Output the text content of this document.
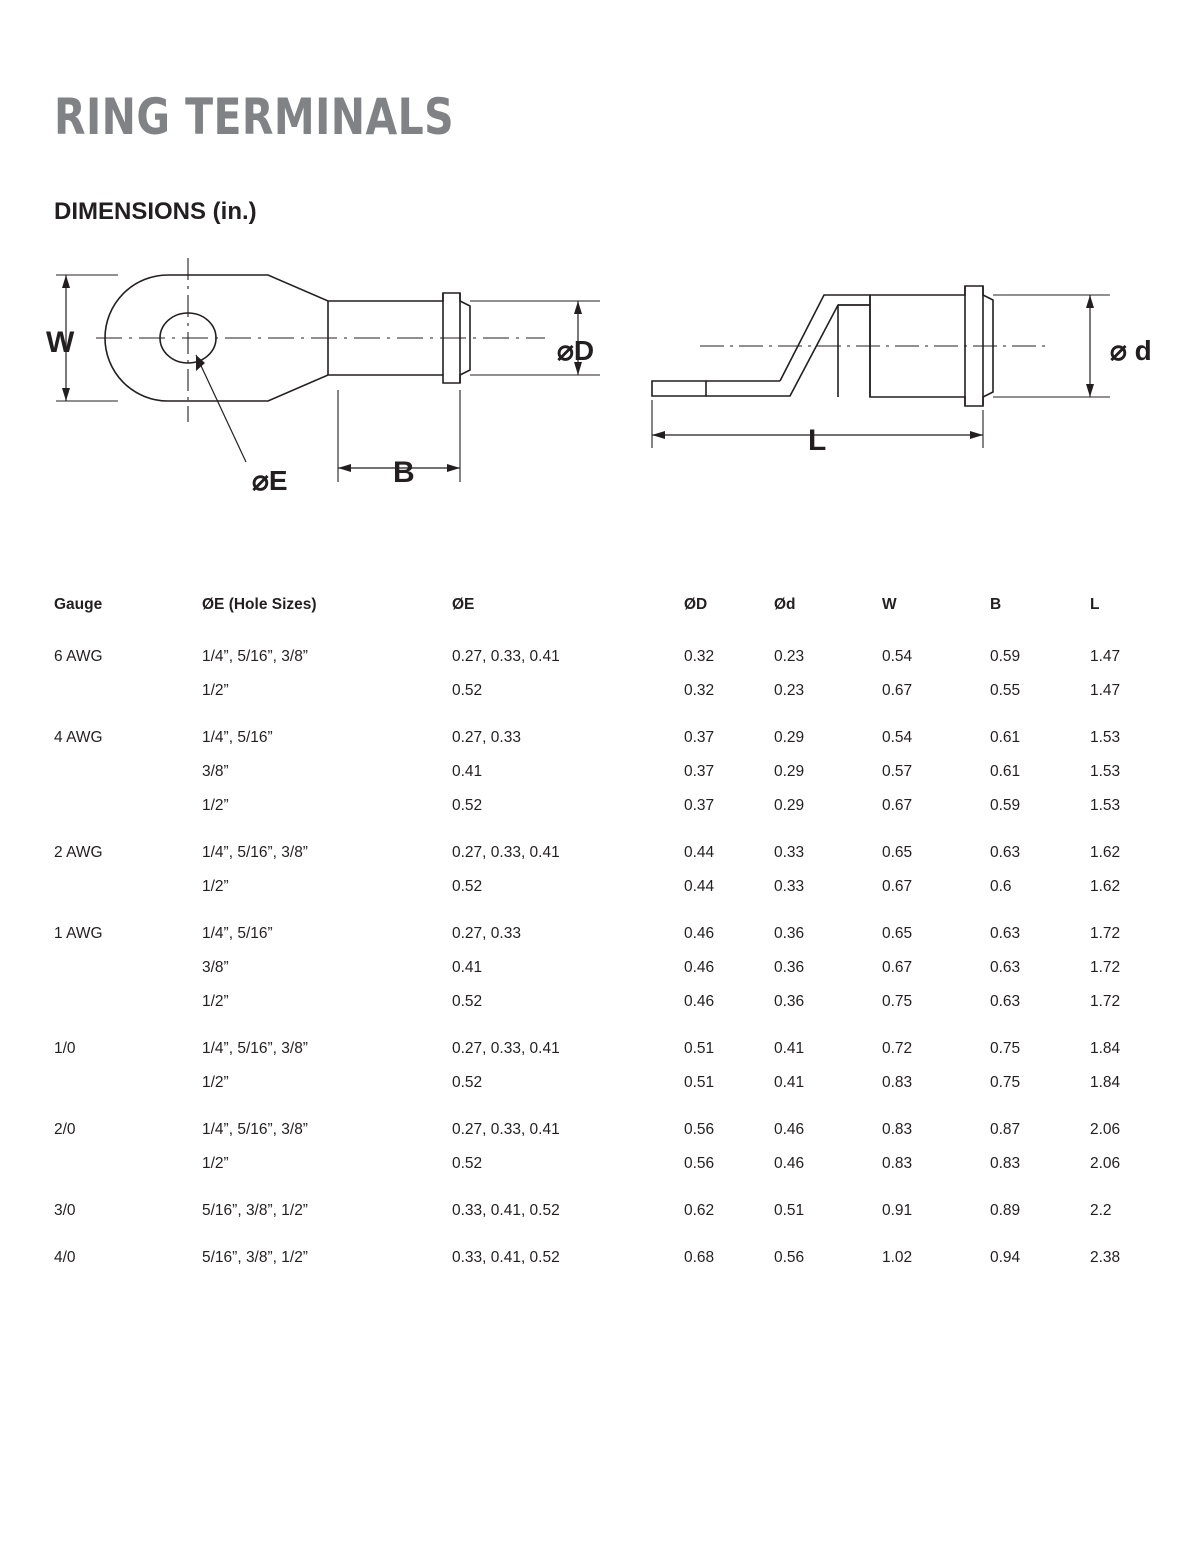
RING TERMINALS
DIMENSIONS (in.)
W
B
⌀E
⌀D	⌀ d
L
Gauge	ØE (Hole Sizes)	ØE	ØD	Ød	W	B	L
6 AWG	1/4”, 5/16”, 3/8”	0.27, 0.33, 0.41	0.32	0.23	0.54	0.59	1.47
	1/2”	0.52	0.32	0.23	0.67	0.55	1.47
4 AWG	1/4”, 5/16”	0.27, 0.33	0.37	0.29	0.54	0.61	1.53
	3/8”	0.41	0.37	0.29	0.57	0.61	1.53
	1/2”	0.52	0.37	0.29	0.67	0.59	1.53
2 AWG	1/4”, 5/16”, 3/8”	0.27, 0.33, 0.41	0.44	0.33	0.65	0.63	1.62
	1/2”	0.52	0.44	0.33	0.67	0.6	1.62
1 AWG	1/4”, 5/16”	0.27, 0.33	0.46	0.36	0.65	0.63	1.72
	3/8”	0.41	0.46	0.36	0.67	0.63	1.72
	1/2”	0.52	0.46	0.36	0.75	0.63	1.72
1/0	1/4”, 5/16”, 3/8”	0.27, 0.33, 0.41	0.51	0.41	0.72	0.75	1.84
	1/2”	0.52	0.51	0.41	0.83	0.75	1.84
2/0	1/4”, 5/16”, 3/8”	0.27, 0.33, 0.41	0.56	0.46	0.83	0.87	2.06
	1/2”	0.52	0.56	0.46	0.83	0.83	2.06
3/0	5/16”, 3/8”, 1/2”	0.33, 0.41, 0.52	0.62	0.51	0.91	0.89	2.2
4/0	5/16”, 3/8”, 1/2”	0.33, 0.41, 0.52	0.68	0.56	1.02	0.94	2.38
